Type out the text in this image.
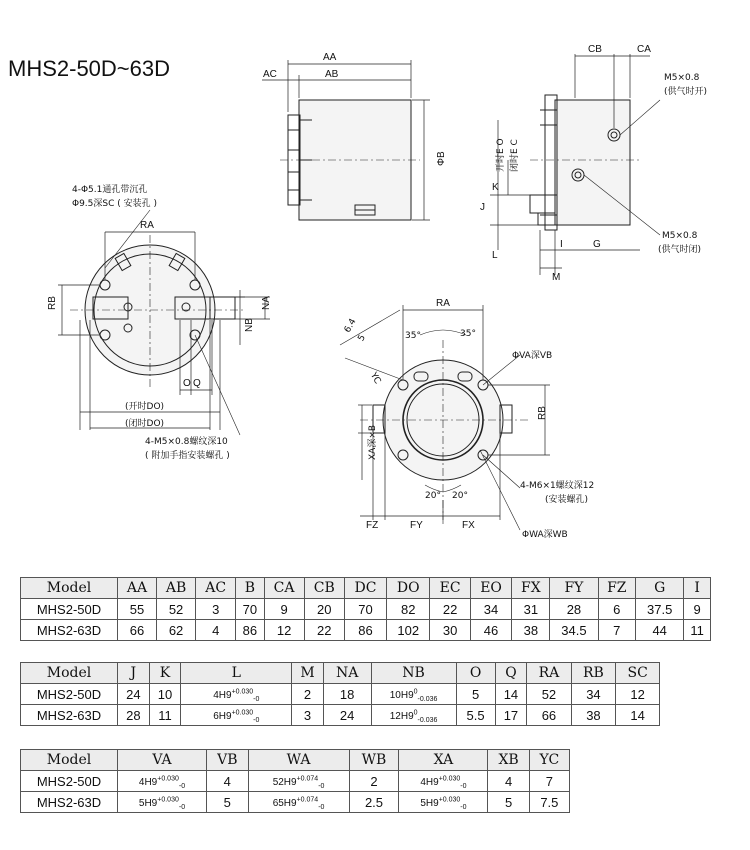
MHS2-50D~63D	AA
AB
AC
ΦB
CB	CA
M5×0.8
(供气时开)
M5×0.8
(供气时闭)
开时E O 闭时E C
J
K
L
I	G
M
4-Φ5.1通孔带沉孔
Φ9.5深SC ( 安装孔 )
RA
RB	NA
NB
O Q
(开时DO)
(闭时DO)
4-M5×0.8螺纹深10
( 附加手指安装螺孔 )
RA
35°	35°
6.4
5
YC
ΦVA深VB
RB
XA深×B
20° 20°
4-M6×1螺纹深12
(安装螺孔)
FZ	FY	FX
ΦWA深WB
Model	AA	AB	AC	B	CA	CB	DC	DO	EC	EO	FX	FY	FZ	G	I
MHS2-50D	55	52	3	70	9	20	70	82	22	34	31	28	6	37.5	9
MHS2-63D	66	62	4	86	12	22	86	102	30	46	38	34.5	7	44	11
Model	J	K	L	M	NA	NB	O	Q	RA	RB	SC
MHS2-50D	24	10	$4H9^{+0.030}_{-0}$	2	18	$10H9^0_{-0.036}$	5	14	52	34	12
MHS2-63D	28	11	$6H9^{+0.030}_{-0}$	3	24	$12H9^0_{-0.036}$	5.5	17	66	38	14
Model	VA	VB	WA	WB	XA	XB	YC
MHS2-50D	$4H9^{+0.030}_{-0}$	4	$52H9^{+0.074}_{-0}$	2	$4H9^{+0.030}_{-0}$	4	7
MHS2-63D	$5H9^{+0.030}_{-0}$	5	$65H9^{+0.074}_{-0}$	2.5	$5H9^{+0.030}_{-0}$	5	7.5
